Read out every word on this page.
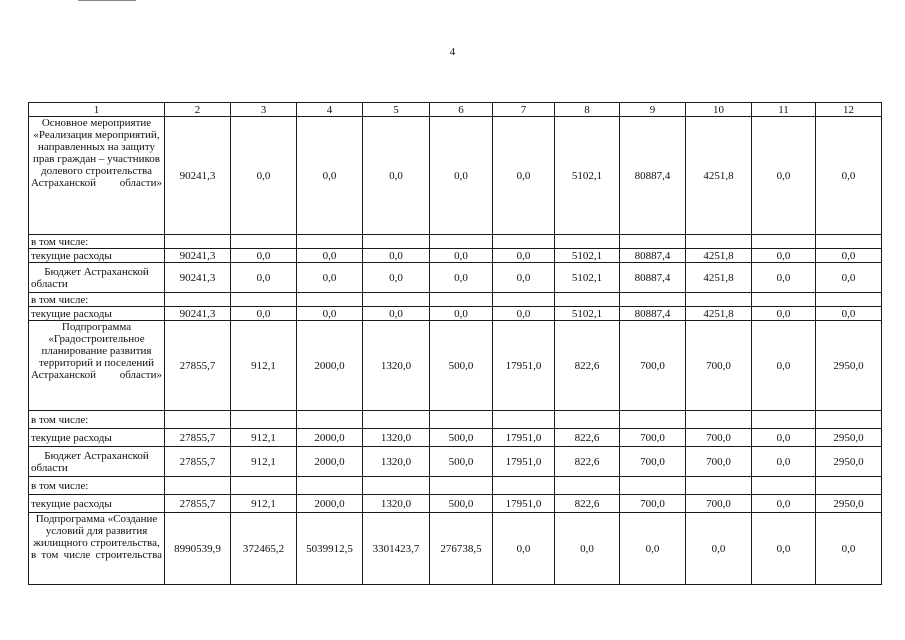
4
1	2	3	4	5	6	7	8	9	10	11	12
Основное мероприятие «Реализация мероприятий, направленных на защиту прав граждан – участников долевого строительства Астраханской области»	90241,3	0,0	0,0	0,0	0,0	0,0	5102,1	80887,4	4251,8	0,0	0,0
в том числе:											
текущие расходы	90241,3	0,0	0,0	0,0	0,0	0,0	5102,1	80887,4	4251,8	0,0	0,0
Бюджет Астраханской области	90241,3	0,0	0,0	0,0	0,0	0,0	5102,1	80887,4	4251,8	0,0	0,0
в том числе:											
текущие расходы	90241,3	0,0	0,0	0,0	0,0	0,0	5102,1	80887,4	4251,8	0,0	0,0
Подпрограмма «Градостроительное планирование развития территорий и поселений Астраханской области»	27855,7	912,1	2000,0	1320,0	500,0	17951,0	822,6	700,0	700,0	0,0	2950,0
в том числе:											
текущие расходы	27855,7	912,1	2000,0	1320,0	500,0	17951,0	822,6	700,0	700,0	0,0	2950,0
Бюджет Астраханской области	27855,7	912,1	2000,0	1320,0	500,0	17951,0	822,6	700,0	700,0	0,0	2950,0
в том числе:											
текущие расходы	27855,7	912,1	2000,0	1320,0	500,0	17951,0	822,6	700,0	700,0	0,0	2950,0
Подпрограмма «Создание условий для развития жилищного строительства, в том числе строительства	8990539,9	372465,2	5039912,5	3301423,7	276738,5	0,0	0,0	0,0	0,0	0,0	0,0
